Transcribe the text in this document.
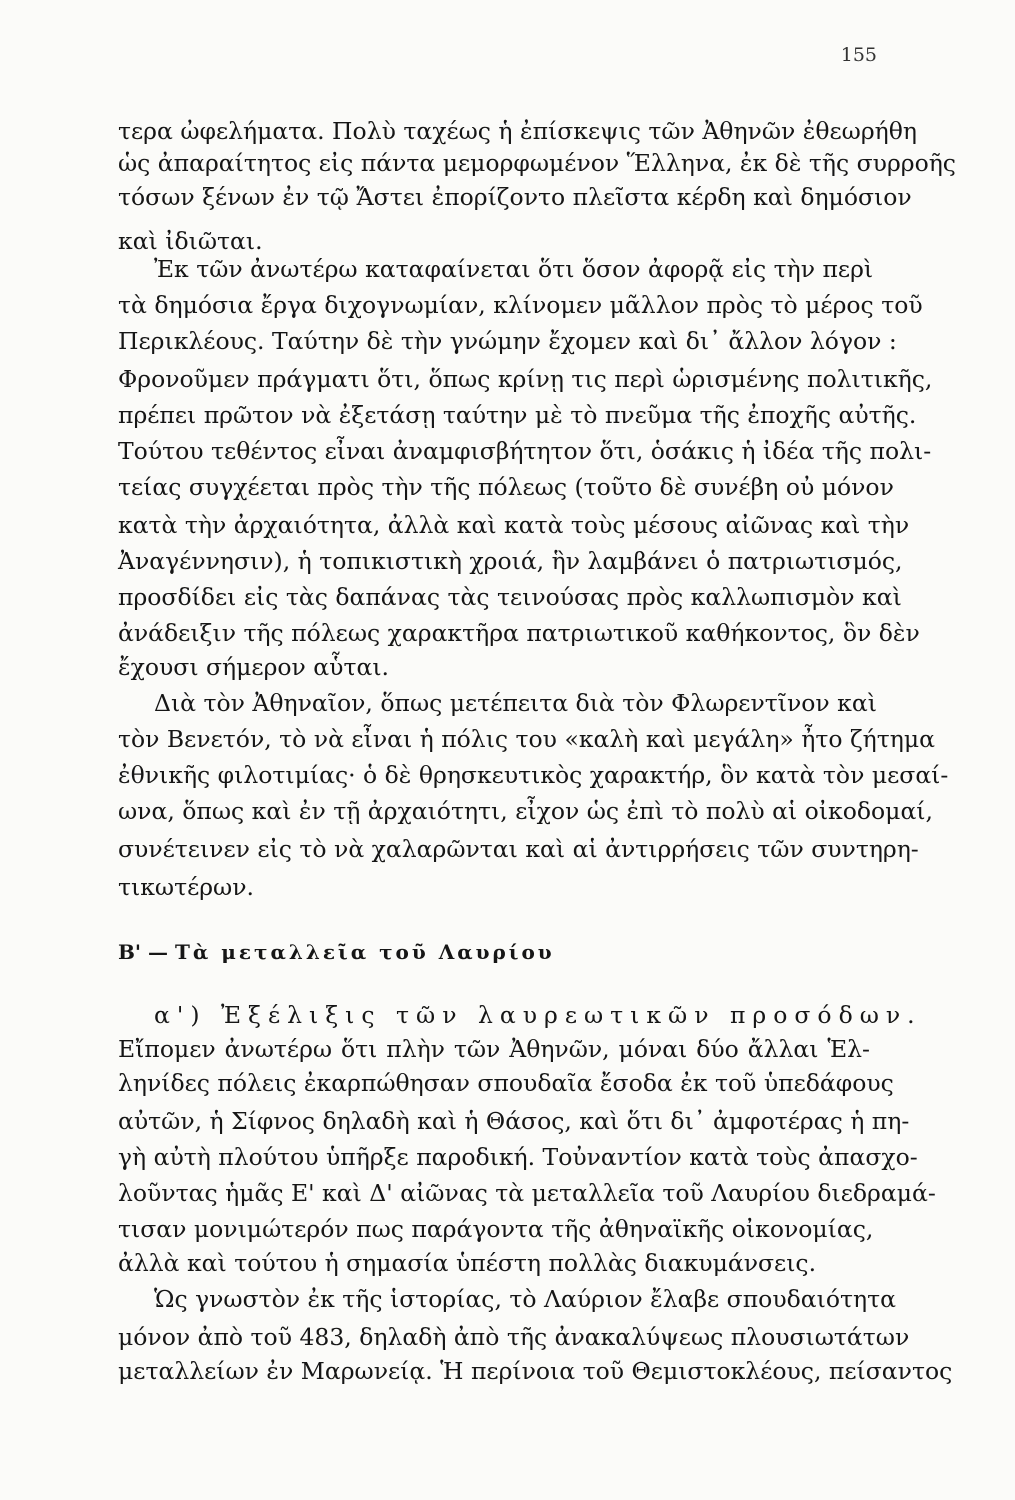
155
τερα ὠφελήματα. Πολὺ ταχέως ἡ ἐπίσκεψις τῶν Ἀθηνῶν ἐθεωρήθη
ὡς ἀπαραίτητος εἰς πάντα μεμορφωμένον Ἕλληνα, ἐκ δὲ τῆς συρροῆς
τόσων ξένων ἐν τῷ Ἄστει ἐπορίζοντο πλεῖστα κέρδη καὶ δημόσιον
καὶ ἰδιῶται.
Ἐκ τῶν ἀνωτέρω καταφαίνεται ὅτι ὅσον ἀφορᾷ εἰς τὴν περὶ
τὰ δημόσια ἔργα διχογνωμίαν, κλίνομεν μᾶλλον πρὸς τὸ μέρος τοῦ
Περικλέους. Ταύτην δὲ τὴν γνώμην ἔχομεν καὶ δι᾽ ἄλλον λόγον :
Φρονοῦμεν πράγματι ὅτι, ὅπως κρίνῃ τις περὶ ὡρισμένης πολιτικῆς,
πρέπει πρῶτον νὰ ἐξετάσῃ ταύτην μὲ τὸ πνεῦμα τῆς ἐποχῆς αὐτῆς.
Τούτου τεθέντος εἶναι ἀναμφισβήτητον ὅτι, ὁσάκις ἡ ἰδέα τῆς πολι-
τείας συγχέεται πρὸς τὴν τῆς πόλεως (τοῦτο δὲ συνέβη οὐ μόνον
κατὰ τὴν ἀρχαιότητα, ἀλλὰ καὶ κατὰ τοὺς μέσους αἰῶνας καὶ τὴν
Ἀναγέννησιν), ἡ τοπικιστικὴ χροιά, ἣν λαμβάνει ὁ πατριωτισμός,
προσδίδει εἰς τὰς δαπάνας τὰς τεινούσας πρὸς καλλωπισμὸν καὶ
ἀνάδειξιν τῆς πόλεως χαρακτῆρα πατριωτικοῦ καθήκοντος, ὃν δὲν
ἔχουσι σήμερον αὗται.
Διὰ τὸν Ἀθηναῖον, ὅπως μετέπειτα διὰ τὸν Φλωρεντῖνον καὶ
τὸν Βενετόν, τὸ νὰ εἶναι ἡ πόλις του «καλὴ καὶ μεγάλη» ἦτο ζήτημα
ἐθνικῆς φιλοτιμίας· ὁ δὲ θρησκευτικὸς χαρακτήρ, ὃν κατὰ τὸν μεσαί-
ωνα, ὅπως καὶ ἐν τῇ ἀρχαιότητι, εἶχον ὡς ἐπὶ τὸ πολὺ αἱ οἰκοδομαί,
συνέτεινεν εἰς τὸ νὰ χαλαρῶνται καὶ αἱ ἀντιρρήσεις τῶν συντηρη-
τικωτέρων.
Β' — Τὰ μεταλλεῖα τοῦ Λαυρίου
α') Ἐξέλιξις τῶν λαυρεωτικῶν προσόδων.
Εἴπομεν ἀνωτέρω ὅτι πλὴν τῶν Ἀθηνῶν, μόναι δύο ἄλλαι Ἑλ-
ληνίδες πόλεις ἐκαρπώθησαν σπουδαῖα ἔσοδα ἐκ τοῦ ὑπεδάφους
αὐτῶν, ἡ Σίφνος δηλαδὴ καὶ ἡ Θάσος, καὶ ὅτι δι᾽ ἀμφοτέρας ἡ πη-
γὴ αὐτὴ πλούτου ὑπῆρξε παροδική. Τοὐναντίον κατὰ τοὺς ἀπασχο-
λοῦντας ἡμᾶς Ε' καὶ Δ' αἰῶνας τὰ μεταλλεῖα τοῦ Λαυρίου διεδραμά-
τισαν μονιμώτερόν πως παράγοντα τῆς ἀθηναϊκῆς οἰκονομίας,
ἀλλὰ καὶ τούτου ἡ σημασία ὑπέστη πολλὰς διακυμάνσεις.
Ὡς γνωστὸν ἐκ τῆς ἱστορίας, τὸ Λαύριον ἔλαβε σπουδαιότητα
μόνον ἀπὸ τοῦ 483, δηλαδὴ ἀπὸ τῆς ἀνακαλύψεως πλουσιωτάτων
μεταλλείων ἐν Μαρωνείᾳ. Ἡ περίνοια τοῦ Θεμιστοκλέους, πείσαντος
